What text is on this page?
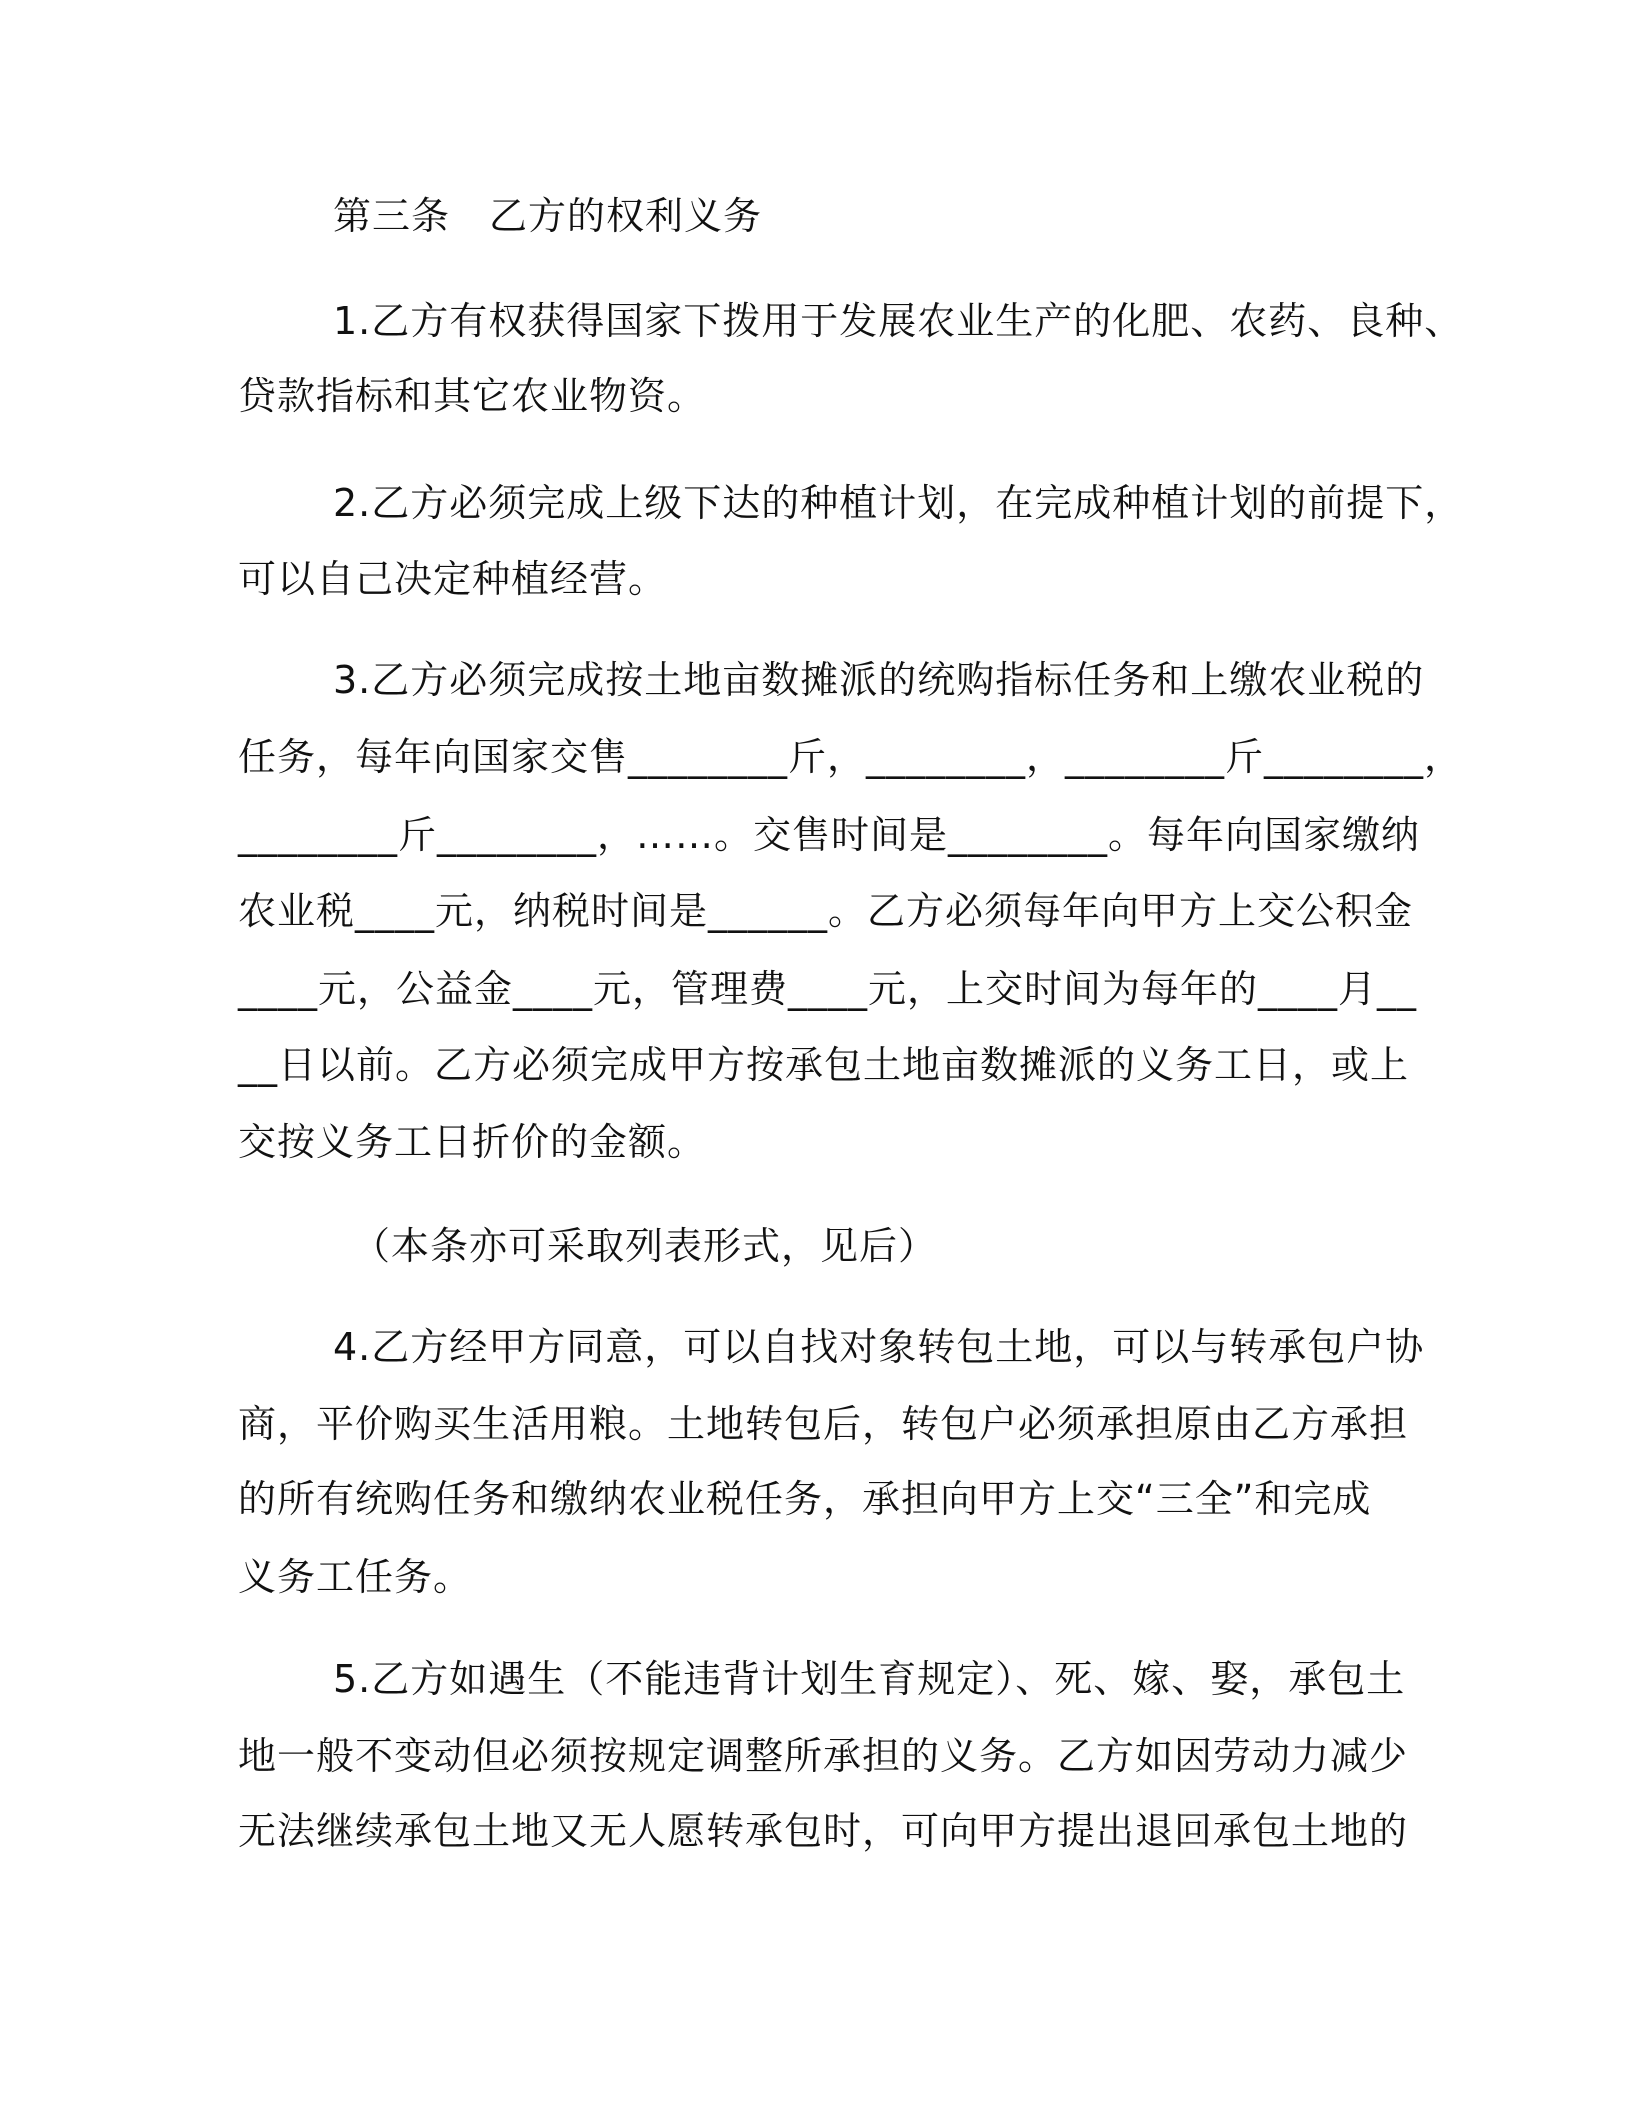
第三条　乙方的权利义务
1.乙方有权获得国家下拨用于发展农业生产的化肥、农药、良种、
贷款指标和其它农业物资。
2.乙方必须完成上级下达的种植计划，在完成种植计划的前提下，
可以自己决定种植经营。
3.乙方必须完成按土地亩数摊派的统购指标任务和上缴农业税的
任务，每年向国家交售________斤，________，________斤________，
________斤________，……。交售时间是________。每年向国家缴纳
农业税____元，纳税时间是______。乙方必须每年向甲方上交公积金
____元，公益金____元，管理费____元，上交时间为每年的____月__
__日以前。乙方必须完成甲方按承包土地亩数摊派的义务工日，或上
交按义务工日折价的金额。
（本条亦可采取列表形式，见后）
4.乙方经甲方同意，可以自找对象转包土地，可以与转承包户协
商，平价购买生活用粮。土地转包后，转包户必须承担原由乙方承担
的所有统购任务和缴纳农业税任务，承担向甲方上交“三全”和完成
义务工任务。
5.乙方如遇生（不能违背计划生育规定）、死、嫁、娶，承包土
地一般不变动但必须按规定调整所承担的义务。乙方如因劳动力减少
无法继续承包土地又无人愿转承包时，可向甲方提出退回承包土地的
